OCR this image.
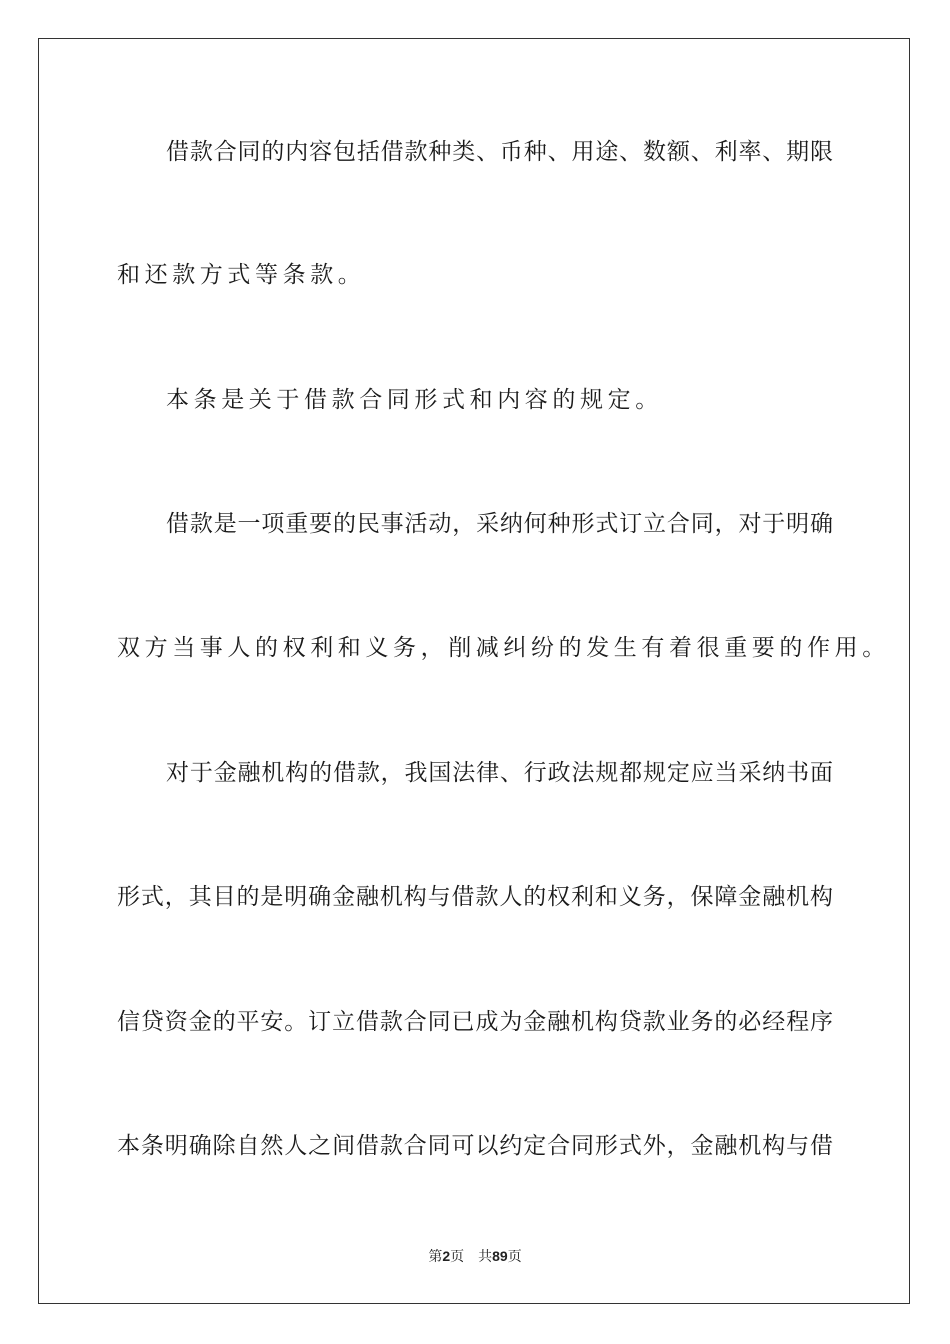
借款合同的内容包括借款种类、币种、用途、数额、利率、期限
和还款方式等条款。
本条是关于借款合同形式和内容的规定。
借款是一项重要的民事活动，采纳何种形式订立合同，对于明确
双方当事人的权利和义务，削减纠纷的发生有着很重要的作用。
对于金融机构的借款，我国法律、行政法规都规定应当采纳书面
形式，其目的是明确金融机构与借款人的权利和义务，保障金融机构
信贷资金的平安。订立借款合同已成为金融机构贷款业务的必经程序
本条明确除自然人之间借款合同可以约定合同形式外，金融机构与借
第2页 共89页
